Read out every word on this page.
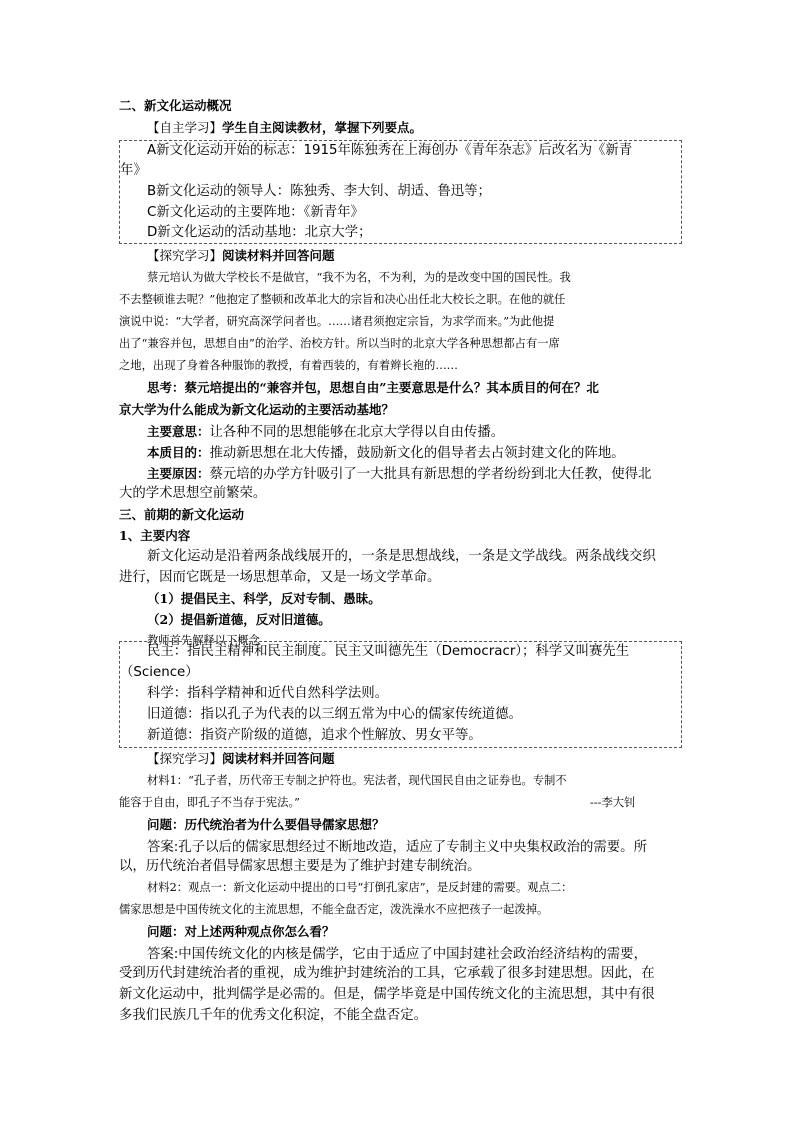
二、新文化运动概况
【自主学习】学生自主阅读教材，掌握下列要点。
A新文化运动开始的标志：1915年陈独秀在上海创办《青年杂志》后改名为《新青
年》
B新文化运动的领导人：陈独秀、李大钊、胡适、鲁迅等；
C新文化运动的主要阵地：《新青年》
D新文化运动的活动基地：北京大学；
【探究学习】阅读材料并回答问题
蔡元培认为做大学校长不是做官，“我不为名，不为利，为的是改变中国的国民性。我
不去整顿谁去呢？”他抱定了整顿和改革北大的宗旨和决心出任北大校长之职。在他的就任
演说中说：“大学者，研究高深学问者也。……诸君须抱定宗旨，为求学而来。”为此他提
出了“兼容并包，思想自由”的治学、治校方针。所以当时的北京大学各种思想都占有一席
之地，出现了身着各种服饰的教授，有着西装的，有着辫长袍的……
思考：蔡元培提出的“兼容并包，思想自由”主要意思是什么？其本质目的何在？北
京大学为什么能成为新文化运动的主要活动基地？
主要意思：让各种不同的思想能够在北京大学得以自由传播。
本质目的：推动新思想在北大传播，鼓励新文化的倡导者去占领封建文化的阵地。
主要原因：蔡元培的办学方针吸引了一大批具有新思想的学者纷纷到北大任教，使得北
大的学术思想空前繁荣。
三、前期的新文化运动
1、主要内容
新文化运动是沿着两条战线展开的，一条是思想战线，一条是文学战线。两条战线交织
进行，因而它既是一场思想革命，又是一场文学革命。
（1）提倡民主、科学，反对专制、愚昧。
（2）提倡新道德，反对旧道德。
教师首先解释以下概念
民主：指民主精神和民主制度。民主又叫德先生（Democracr）；科学又叫赛先生
（Science）
科学：指科学精神和近代自然科学法则。
旧道德：指以孔子为代表的以三纲五常为中心的儒家传统道德。
新道德：指资产阶级的道德，追求个性解放、男女平等。
【探究学习】阅读材料并回答问题
材料1：“孔子者，历代帝王专制之护符也。宪法者，现代国民自由之证券也。专制不
能容于自由，即孔子不当存于宪法。”	---李大钊
问题：历代统治者为什么要倡导儒家思想？
答案:孔子以后的儒家思想经过不断地改造，适应了专制主义中央集权政治的需要。所
以，历代统治者倡导儒家思想主要是为了维护封建专制统治。
材料2：观点一：新文化运动中提出的口号“打倒孔家店”，是反封建的需要。观点二：
儒家思想是中国传统文化的主流思想，不能全盘否定，泼洗澡水不应把孩子一起泼掉。
问题：对上述两种观点你怎么看？
答案:中国传统文化的内核是儒学，它由于适应了中国封建社会政治经济结构的需要，
受到历代封建统治者的重视，成为维护封建统治的工具，它承载了很多封建思想。因此，在
新文化运动中，批判儒学是必需的。但是，儒学毕竟是中国传统文化的主流思想，其中有很
多我们民族几千年的优秀文化积淀，不能全盘否定。
